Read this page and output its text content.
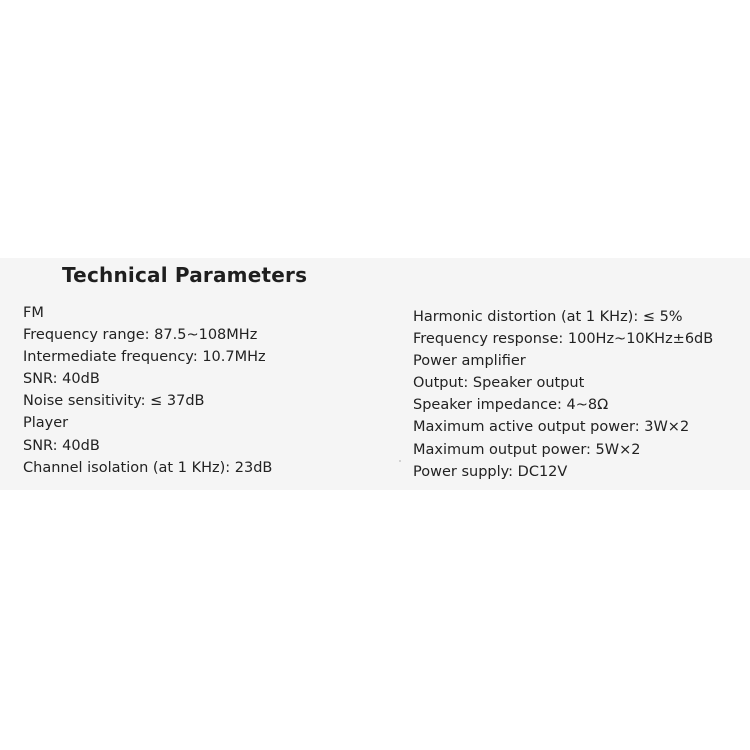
Technical Parameters
FM
Frequency range: 87.5~108MHz
Intermediate frequency: 10.7MHz
SNR: 40dB
Noise sensitivity: ≤ 37dB
Player
SNR: 40dB
Channel isolation (at 1 KHz): 23dB
Harmonic distortion (at 1 KHz): ≤ 5%
Frequency response: 100Hz~10KHz±6dB
Power amplifier
Output: Speaker output
Speaker impedance: 4~8Ω
Maximum active output power: 3W×2
Maximum output power: 5W×2
Power supply: DC12V
